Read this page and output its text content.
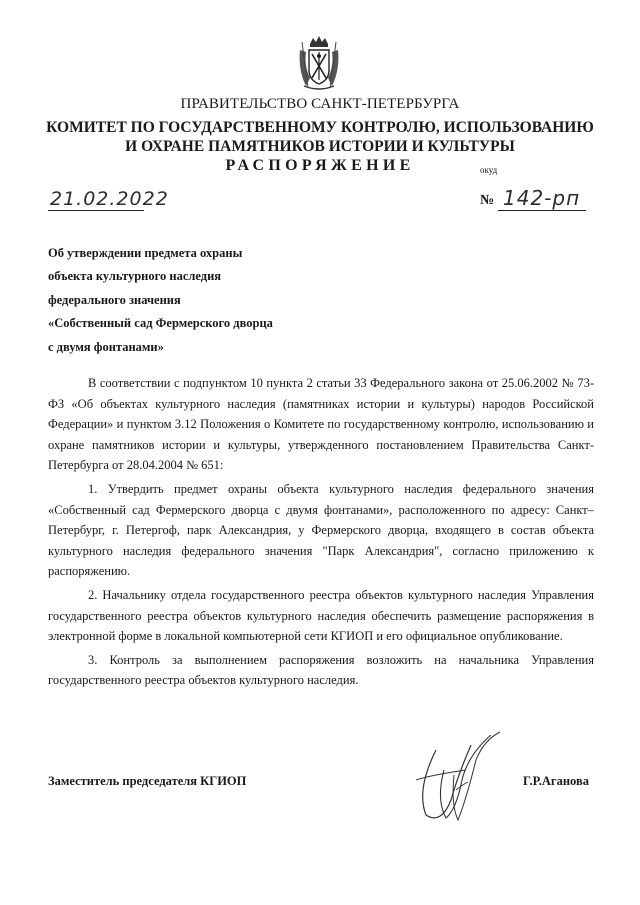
ПРАВИТЕЛЬСТВО САНКТ-ПЕТЕРБУРГА
КОМИТЕТ ПО ГОСУДАРСТВЕННОМУ КОНТРОЛЮ, ИСПОЛЬЗОВАНИЮ
И ОХРАНЕ ПАМЯТНИКОВ ИСТОРИИ И КУЛЬТУРЫ
РАСПОРЯЖЕНИЕ	окуд
21.02.2022	№ 142-рп
Об утверждении предмета охраны
объекта культурного наследия
федерального значения
«Собственный сад Фермерского дворца
с двумя фонтанами»

В соответствии с подпунктом 10 пункта 2 статьи 33 Федерального закона от 25.06.2002 № 73-ФЗ «Об объектах культурного наследия (памятниках истории и культуры) народов Российской Федерации» и пунктом 3.12 Положения о Комитете по государственному контролю, использованию и охране памятников истории и культуры, утвержденного постановлением Правительства Санкт-Петербурга от 28.04.2004 № 651:

1. Утвердить предмет охраны объекта культурного наследия федерального значения «Собственный сад Фермерского дворца с двумя фонтанами», расположенного по адресу: Санкт–Петербург, г. Петергоф, парк Александрия, у Фермерского дворца, входящего в состав объекта культурного наследия федерального значения "Парк Александрия", согласно приложению к распоряжению.

2. Начальнику отдела государственного реестра объектов культурного наследия Управления государственного реестра объектов культурного наследия обеспечить размещение распоряжения в электронной форме в локальной компьютерной сети КГИОП и его официальное опубликование.

3. Контроль за выполнением распоряжения возложить на начальника Управления государственного реестра объектов культурного наследия.

Заместитель председателя КГИОП	Г.Р.Аганова
